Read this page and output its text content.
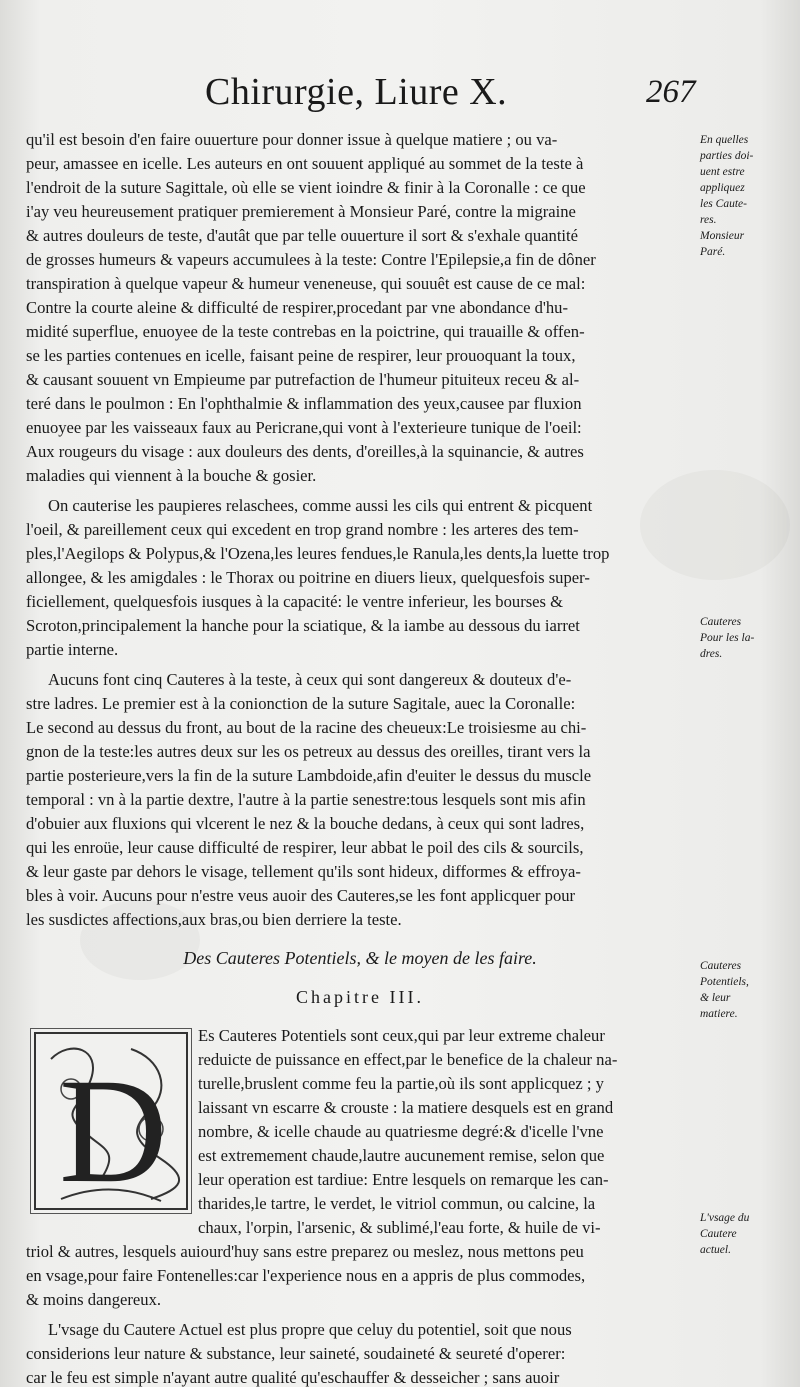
Chirurgie, Liure X.	267
qu'il est besoin d'en faire ouuerture pour donner issue à quelque matiere ; ou va-
peur, amassee en icelle. Les auteurs en ont souuent appliqué au sommet de la teste à
l'endroit de la suture Sagittale, où elle se vient ioindre & finir à la Coronalle : ce que
i'ay veu heureusement pratiquer premierement à Monsieur Paré, contre la migraine
& autres douleurs de teste, d'autât que par telle ouuerture il sort & s'exhale quantité
de grosses humeurs & vapeurs accumulees à la teste: Contre l'Epilepsie,a fin de dôner
transpiration à quelque vapeur & humeur veneneuse, qui souuêt est cause de ce mal:
Contre la courte aleine & difficulté de respirer,procedant par vne abondance d'hu-
midité superflue, enuoyee de la teste contrebas en la poictrine, qui trauaille & offen-
se les parties contenues en icelle, faisant peine de respirer, leur prouoquant la toux,
& causant souuent vn Empieume par putrefaction de l'humeur pituiteux receu & al-
teré dans le poulmon : En l'ophthalmie & inflammation des yeux,causee par fluxion
enuoyee par les vaisseaux faux au Pericrane,qui vont à l'exterieure tunique de l'oeil:
Aux rougeurs du visage : aux douleurs des dents, d'oreilles,à la squinancie, & autres
maladies qui viennent à la bouche & gosier.
On cauterise les paupieres relaschees, comme aussi les cils qui entrent & picquent
l'oeil, & pareillement ceux qui excedent en trop grand nombre : les arteres des tem-
ples,l'Aegilops & Polypus,& l'Ozena,les leures fendues,le Ranula,les dents,la luette trop
allongee, & les amigdales : le Thorax ou poitrine en diuers lieux, quelquesfois super-
ficiellement, quelquesfois iusques à la capacité: le ventre inferieur, les bourses &
Scroton,principalement la hanche pour la sciatique, & la iambe au dessous du iarret
partie interne.
Aucuns font cinq Cauteres à la teste, à ceux qui sont dangereux & douteux d'e-
stre ladres. Le premier est à la conionction de la suture Sagitale, auec la Coronalle:
Le second au dessus du front, au bout de la racine des cheueux:Le troisiesme au chi-
gnon de la teste:les autres deux sur les os petreux au dessus des oreilles, tirant vers la
partie posterieure,vers la fin de la suture Lambdoide,afin d'euiter le dessus du muscle
temporal : vn à la partie dextre, l'autre à la partie senestre:tous lesquels sont mis afin
d'obuier aux fluxions qui vlcerent le nez & la bouche dedans, à ceux qui sont ladres,
qui les enroüe, leur cause difficulté de respirer, leur abbat le poil des cils & sourcils,
& leur gaste par dehors le visage, tellement qu'ils sont hideux, difformes & effroya-
bles à voir. Aucuns pour n'estre veus auoir des Cauteres,se les font applicquer pour
les susdictes affections,aux bras,ou bien derriere la teste.
Des Cauteres Potentiels, & le moyen de les faire.
Chapitre III.
D
Es Cauteres Potentiels sont ceux,qui par leur extreme chaleur
reduicte de puissance en effect,par le benefice de la chaleur na-
turelle,bruslent comme feu la partie,où ils sont applicquez ; y
laissant vn escarre & crouste : la matiere desquels est en grand
nombre, & icelle chaude au quatriesme degré:& d'icelle l'vne
est extremement chaude,lautre aucunement remise, selon que
leur operation est tardiue: Entre lesquels on remarque les can-
tharides,le tartre, le verdet, le vitriol commun, ou calcine, la
chaux, l'orpin, l'arsenic, & sublimé,l'eau forte, & huile de vi-
triol & autres, lesquels auiourd'huy sans estre preparez ou meslez, nous mettons peu
en vsage,pour faire Fontenelles:car l'experience nous en a appris de plus commodes,
& moins dangereux.
L'vsage du Cautere Actuel est plus propre que celuy du potentiel, soit que nous
considerions leur nature & substance, leur saineté, soudaineté & seureté d'operer:
car le feu est simple n'ayant autre qualité qu'eschauffer & desseicher ; sans auoir
En quelles
parties doi-
uent estre
appliquez
les Caute-
res.
Monsieur
Paré.
Cauteres
Pour les la-
dres.
Cauteres
Potentiels,
& leur
matiere.
L'vsage du
Cautere
actuel.
